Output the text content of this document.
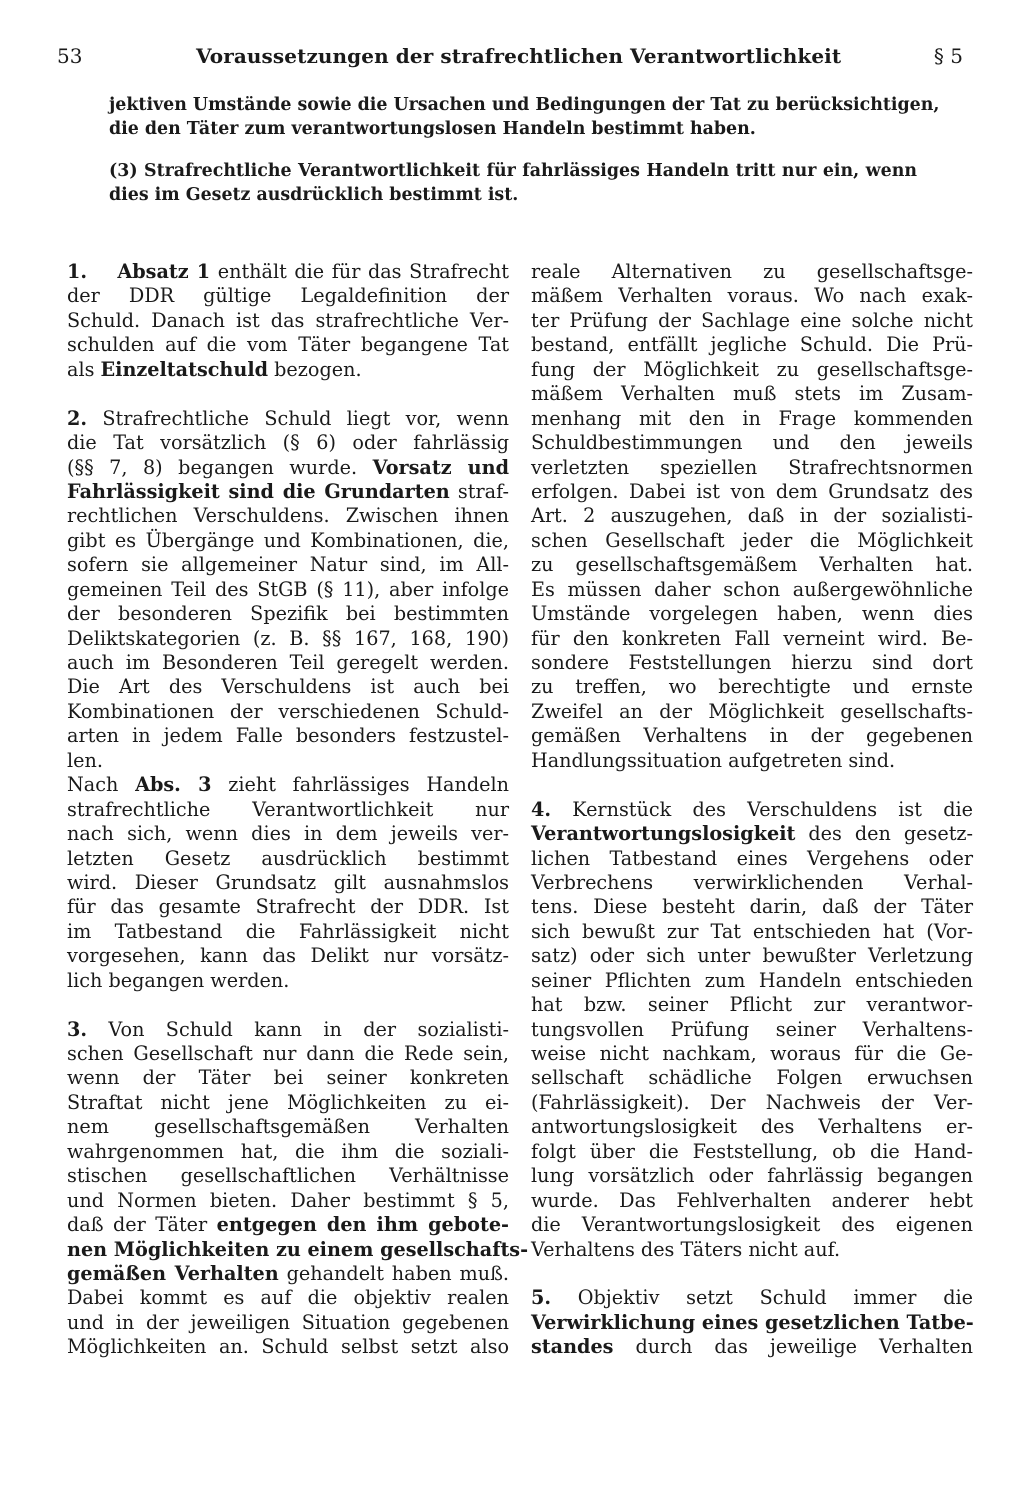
53	Voraussetzungen der strafrechtlichen Verantwortlichkeit	§ 5
jektiven Umstände sowie die Ursachen und Bedingungen der Tat zu berücksichtigen,
die den Täter zum verantwortungslosen Handeln bestimmt haben.
(3) Strafrechtliche Verantwortlichkeit für fahrlässiges Handeln tritt nur ein, wenn
dies im Gesetz ausdrücklich bestimmt ist.
1. Absatz 1 enthält die für das Strafrecht
der DDR gültige Legaldefinition der
Schuld. Danach ist das strafrechtliche Ver-
schulden auf die vom Täter begangene Tat
als Einzeltatschuld bezogen.
2. Strafrechtliche Schuld liegt vor, wenn
die Tat vorsätzlich (§ 6) oder fahrlässig
(§§ 7, 8) begangen wurde. Vorsatz und
Fahrlässigkeit sind die Grundarten straf-
rechtlichen Verschuldens. Zwischen ihnen
gibt es Übergänge und Kombinationen, die,
sofern sie allgemeiner Natur sind, im All-
gemeinen Teil des StGB (§ 11), aber infolge
der besonderen Spezifik bei bestimmten
Deliktskategorien (z. B. §§ 167, 168, 190)
auch im Besonderen Teil geregelt werden.
Die Art des Verschuldens ist auch bei
Kombinationen der verschiedenen Schuld-
arten in jedem Falle besonders festzustel-
len.
Nach Abs. 3 zieht fahrlässiges Handeln
strafrechtliche Verantwortlichkeit nur
nach sich, wenn dies in dem jeweils ver-
letzten Gesetz ausdrücklich bestimmt
wird. Dieser Grundsatz gilt ausnahmslos
für das gesamte Strafrecht der DDR. Ist
im Tatbestand die Fahrlässigkeit nicht
vorgesehen, kann das Delikt nur vorsätz-
lich begangen werden.
3. Von Schuld kann in der sozialisti-
schen Gesellschaft nur dann die Rede sein,
wenn der Täter bei seiner konkreten
Straftat nicht jene Möglichkeiten zu ei-
nem gesellschaftsgemäßen Verhalten
wahrgenommen hat, die ihm die soziali-
stischen gesellschaftlichen Verhältnisse
und Normen bieten. Daher bestimmt § 5,
daß der Täter entgegen den ihm gebote-
nen Möglichkeiten zu einem gesellschafts-
gemäßen Verhalten gehandelt haben muß.
Dabei kommt es auf die objektiv realen
und in der jeweiligen Situation gegebenen
Möglichkeiten an. Schuld selbst setzt also
reale Alternativen zu gesellschaftsge-
mäßem Verhalten voraus. Wo nach exak-
ter Prüfung der Sachlage eine solche nicht
bestand, entfällt jegliche Schuld. Die Prü-
fung der Möglichkeit zu gesellschaftsge-
mäßem Verhalten muß stets im Zusam-
menhang mit den in Frage kommenden
Schuldbestimmungen und den jeweils
verletzten speziellen Strafrechtsnormen
erfolgen. Dabei ist von dem Grundsatz des
Art. 2 auszugehen, daß in der sozialisti-
schen Gesellschaft jeder die Möglichkeit
zu gesellschaftsgemäßem Verhalten hat.
Es müssen daher schon außergewöhnliche
Umstände vorgelegen haben, wenn dies
für den konkreten Fall verneint wird. Be-
sondere Feststellungen hierzu sind dort
zu treffen, wo berechtigte und ernste
Zweifel an der Möglichkeit gesellschafts-
gemäßen Verhaltens in der gegebenen
Handlungssituation aufgetreten sind.
4. Kernstück des Verschuldens ist die
Verantwortungslosigkeit des den gesetz-
lichen Tatbestand eines Vergehens oder
Verbrechens verwirklichenden Verhal-
tens. Diese besteht darin, daß der Täter
sich bewußt zur Tat entschieden hat (Vor-
satz) oder sich unter bewußter Verletzung
seiner Pflichten zum Handeln entschieden
hat bzw. seiner Pflicht zur verantwor-
tungsvollen Prüfung seiner Verhaltens-
weise nicht nachkam, woraus für die Ge-
sellschaft schädliche Folgen erwuchsen
(Fahrlässigkeit). Der Nachweis der Ver-
antwortungslosigkeit des Verhaltens er-
folgt über die Feststellung, ob die Hand-
lung vorsätzlich oder fahrlässig begangen
wurde. Das Fehlverhalten anderer hebt
die Verantwortungslosigkeit des eigenen
Verhaltens des Täters nicht auf.
5. Objektiv setzt Schuld immer die
Verwirklichung eines gesetzlichen Tatbe-
standes durch das jeweilige Verhalten
